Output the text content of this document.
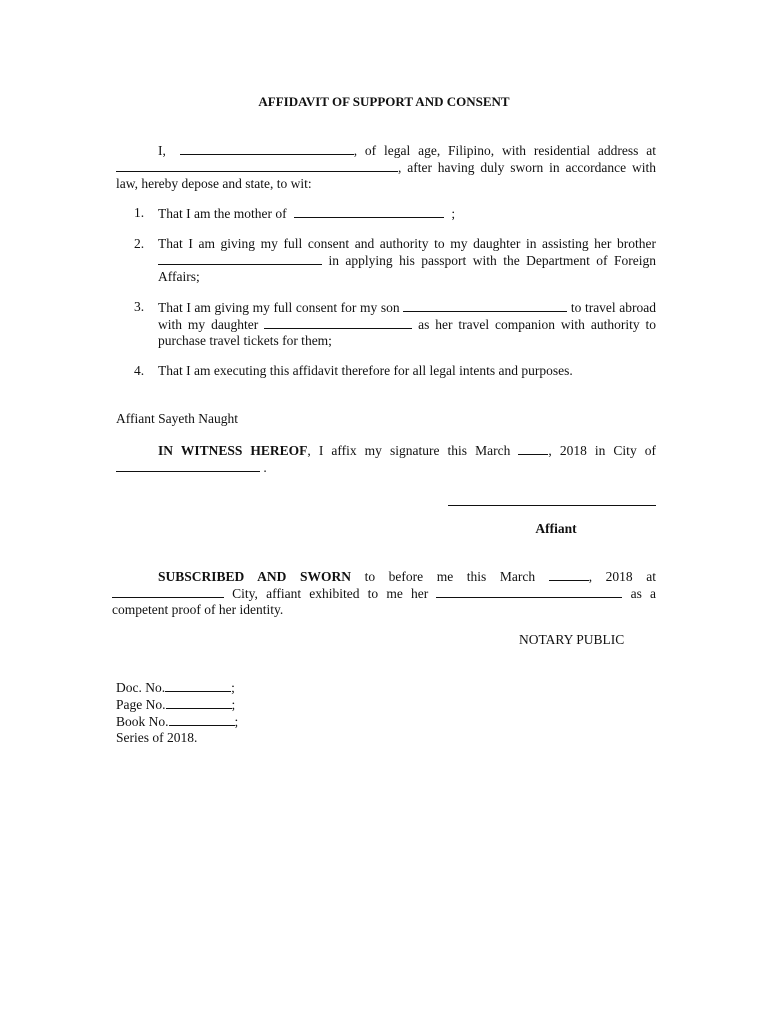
AFFIDAVIT OF SUPPORT AND CONSENT

I,	, of legal age, Filipino, with residential address at , after having duly sworn in accordance with law, hereby depose and state, to wit:

1. That I am the mother of	;
2. That I am giving my full consent and authority to my daughter in assisting her brother  in applying his passport with the Department of Foreign Affairs;
3. That I am giving my full consent for my son	to travel abroad with my daughter	as her travel companion with authority to purchase travel tickets for them;
4. That I am executing this affidavit therefore for all legal intents and purposes.
Affiant Sayeth Naught

IN WITNESS HEREOF, I affix my signature this March	, 2018 in City of  .

Affiant

SUBSCRIBED AND SWORN to before me this March	, 2018 at  City, affiant exhibited to me her	as a competent proof of her identity.

NOTARY PUBLIC
Doc. No.	;
Page No.	;
Book No.	;
Series of 2018.
